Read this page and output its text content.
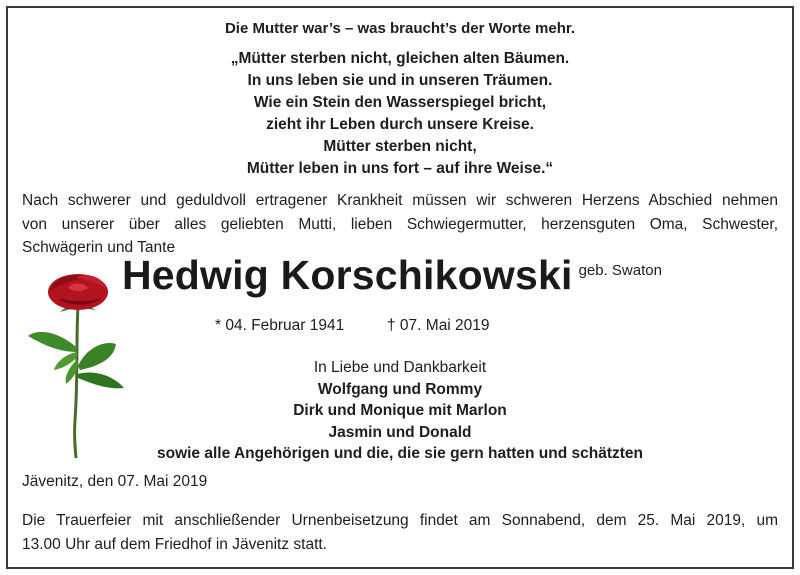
Die Mutter war’s – was braucht’s der Worte mehr.
„Mütter sterben nicht, gleichen alten Bäumen.
In uns leben sie und in unseren Träumen.
Wie ein Stein den Wasserspiegel bricht,
zieht ihr Leben durch unsere Kreise.
Mütter sterben nicht,
Mütter leben in uns fort – auf ihre Weise.“
Nach schwerer und geduldvoll ertragener Krankheit müssen wir schweren Herzens Abschied nehmen
von unserer über alles geliebten Mutti, lieben Schwiegermutter, herzensguten Oma, Schwester,
Schwägerin und Tante
Hedwig Korschikowski geb. Swaton
* 04. Februar 1941	† 07. Mai 2019
In Liebe und Dankbarkeit
Wolfgang und Rommy
Dirk und Monique mit Marlon
Jasmin und Donald
sowie alle Angehörigen und die, die sie gern hatten und schätzten
Jävenitz, den 07. Mai 2019
Die Trauerfeier mit anschließender Urnenbeisetzung findet am Sonnabend, dem 25. Mai 2019, um
13.00 Uhr auf dem Friedhof in Jävenitz statt.
